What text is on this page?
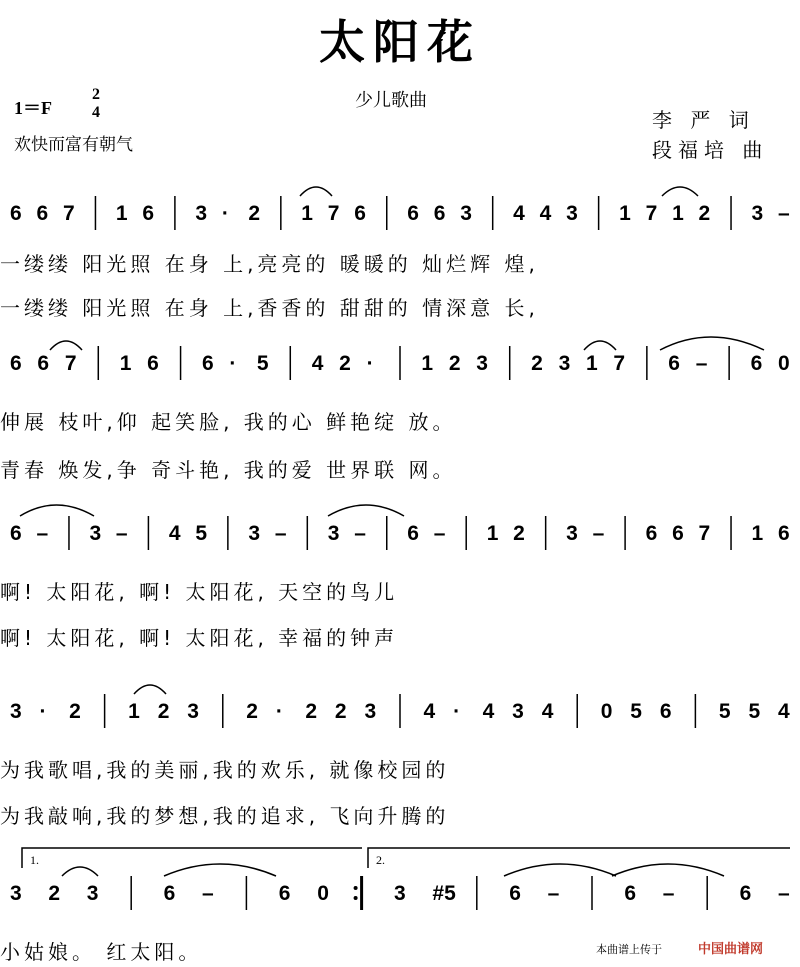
太阳花
少儿歌曲
1＝F
2
4
欢快而富有朝气
李 严 词
段福培 曲
一缕缕 阳光照 在身 上,亮亮的 暖暖的 灿烂辉 煌,
一缕缕 阳光照 在身 上,香香的 甜甜的 情深意 长,
伸展 枝叶,仰 起笑脸, 我的心 鲜艳绽 放。
青春 焕发,争 奇斗艳, 我的爱 世界联 网。
啊! 太阳花, 啊! 太阳花, 天空的鸟儿
啊! 太阳花, 啊! 太阳花, 幸福的钟声
为我歌唱,我的美丽,我的欢乐, 就像校园的
为我敲响,我的梦想,我的追求, 飞向升腾的
小姑娘。 红太阳。
6 6 7 1 6 3 · 2 1 7 6 6 6 3 4 4 3 1 7 1 2 3 –
6 6 7 1 6 6 · 5 4 2 · 1 2 3 2 3 1 7 6 – 6 0
6 – 3 – 4 5 3 – 3 – 6 – 1 2 3 – 6 6 7 1 6
3 · 2 1 2 3 2 · 2 2 3 4 · 4 3 4 0 5 6 5 5 4
3 2 3	6 –	6 0	3 #5	6 –	6 –	6 –
1.	2.
本曲谱上传于	中国曲谱网
